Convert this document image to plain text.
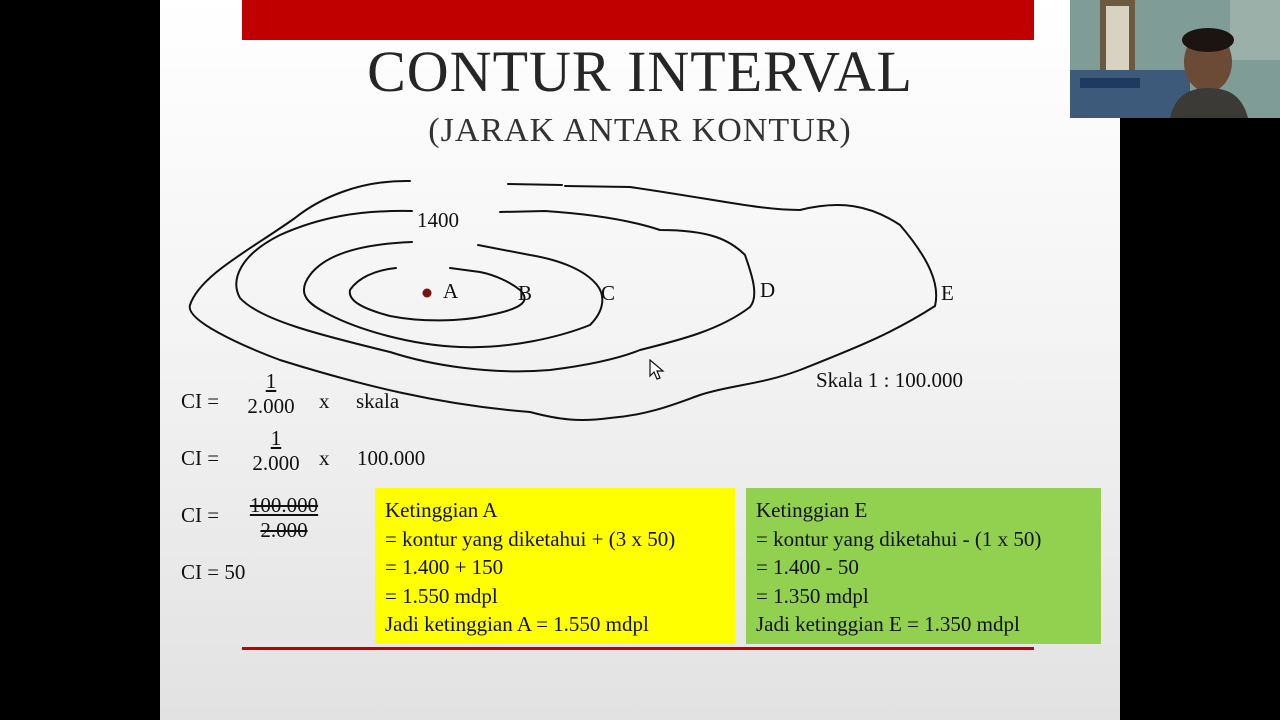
CONTUR INTERVAL
(JARAK ANTAR KONTUR)
1400
A	B	C	D	E
Skala 1 : 100.000
CI = $\frac{1}{2.000}$ x skala
CI = $\frac{1}{2.000}$ x 100.000
CI = $\frac{100.000}{2.000}$
CI = 50
Ketinggian A
= kontur yang diketahui + (3 x 50)
= 1.400 + 150
= 1.550 mdpl
Jadi ketinggian A = 1.550 mdpl
Ketinggian E
= kontur yang diketahui - (1 x 50)
= 1.400 - 50
= 1.350 mdpl
Jadi ketinggian E = 1.350 mdpl
